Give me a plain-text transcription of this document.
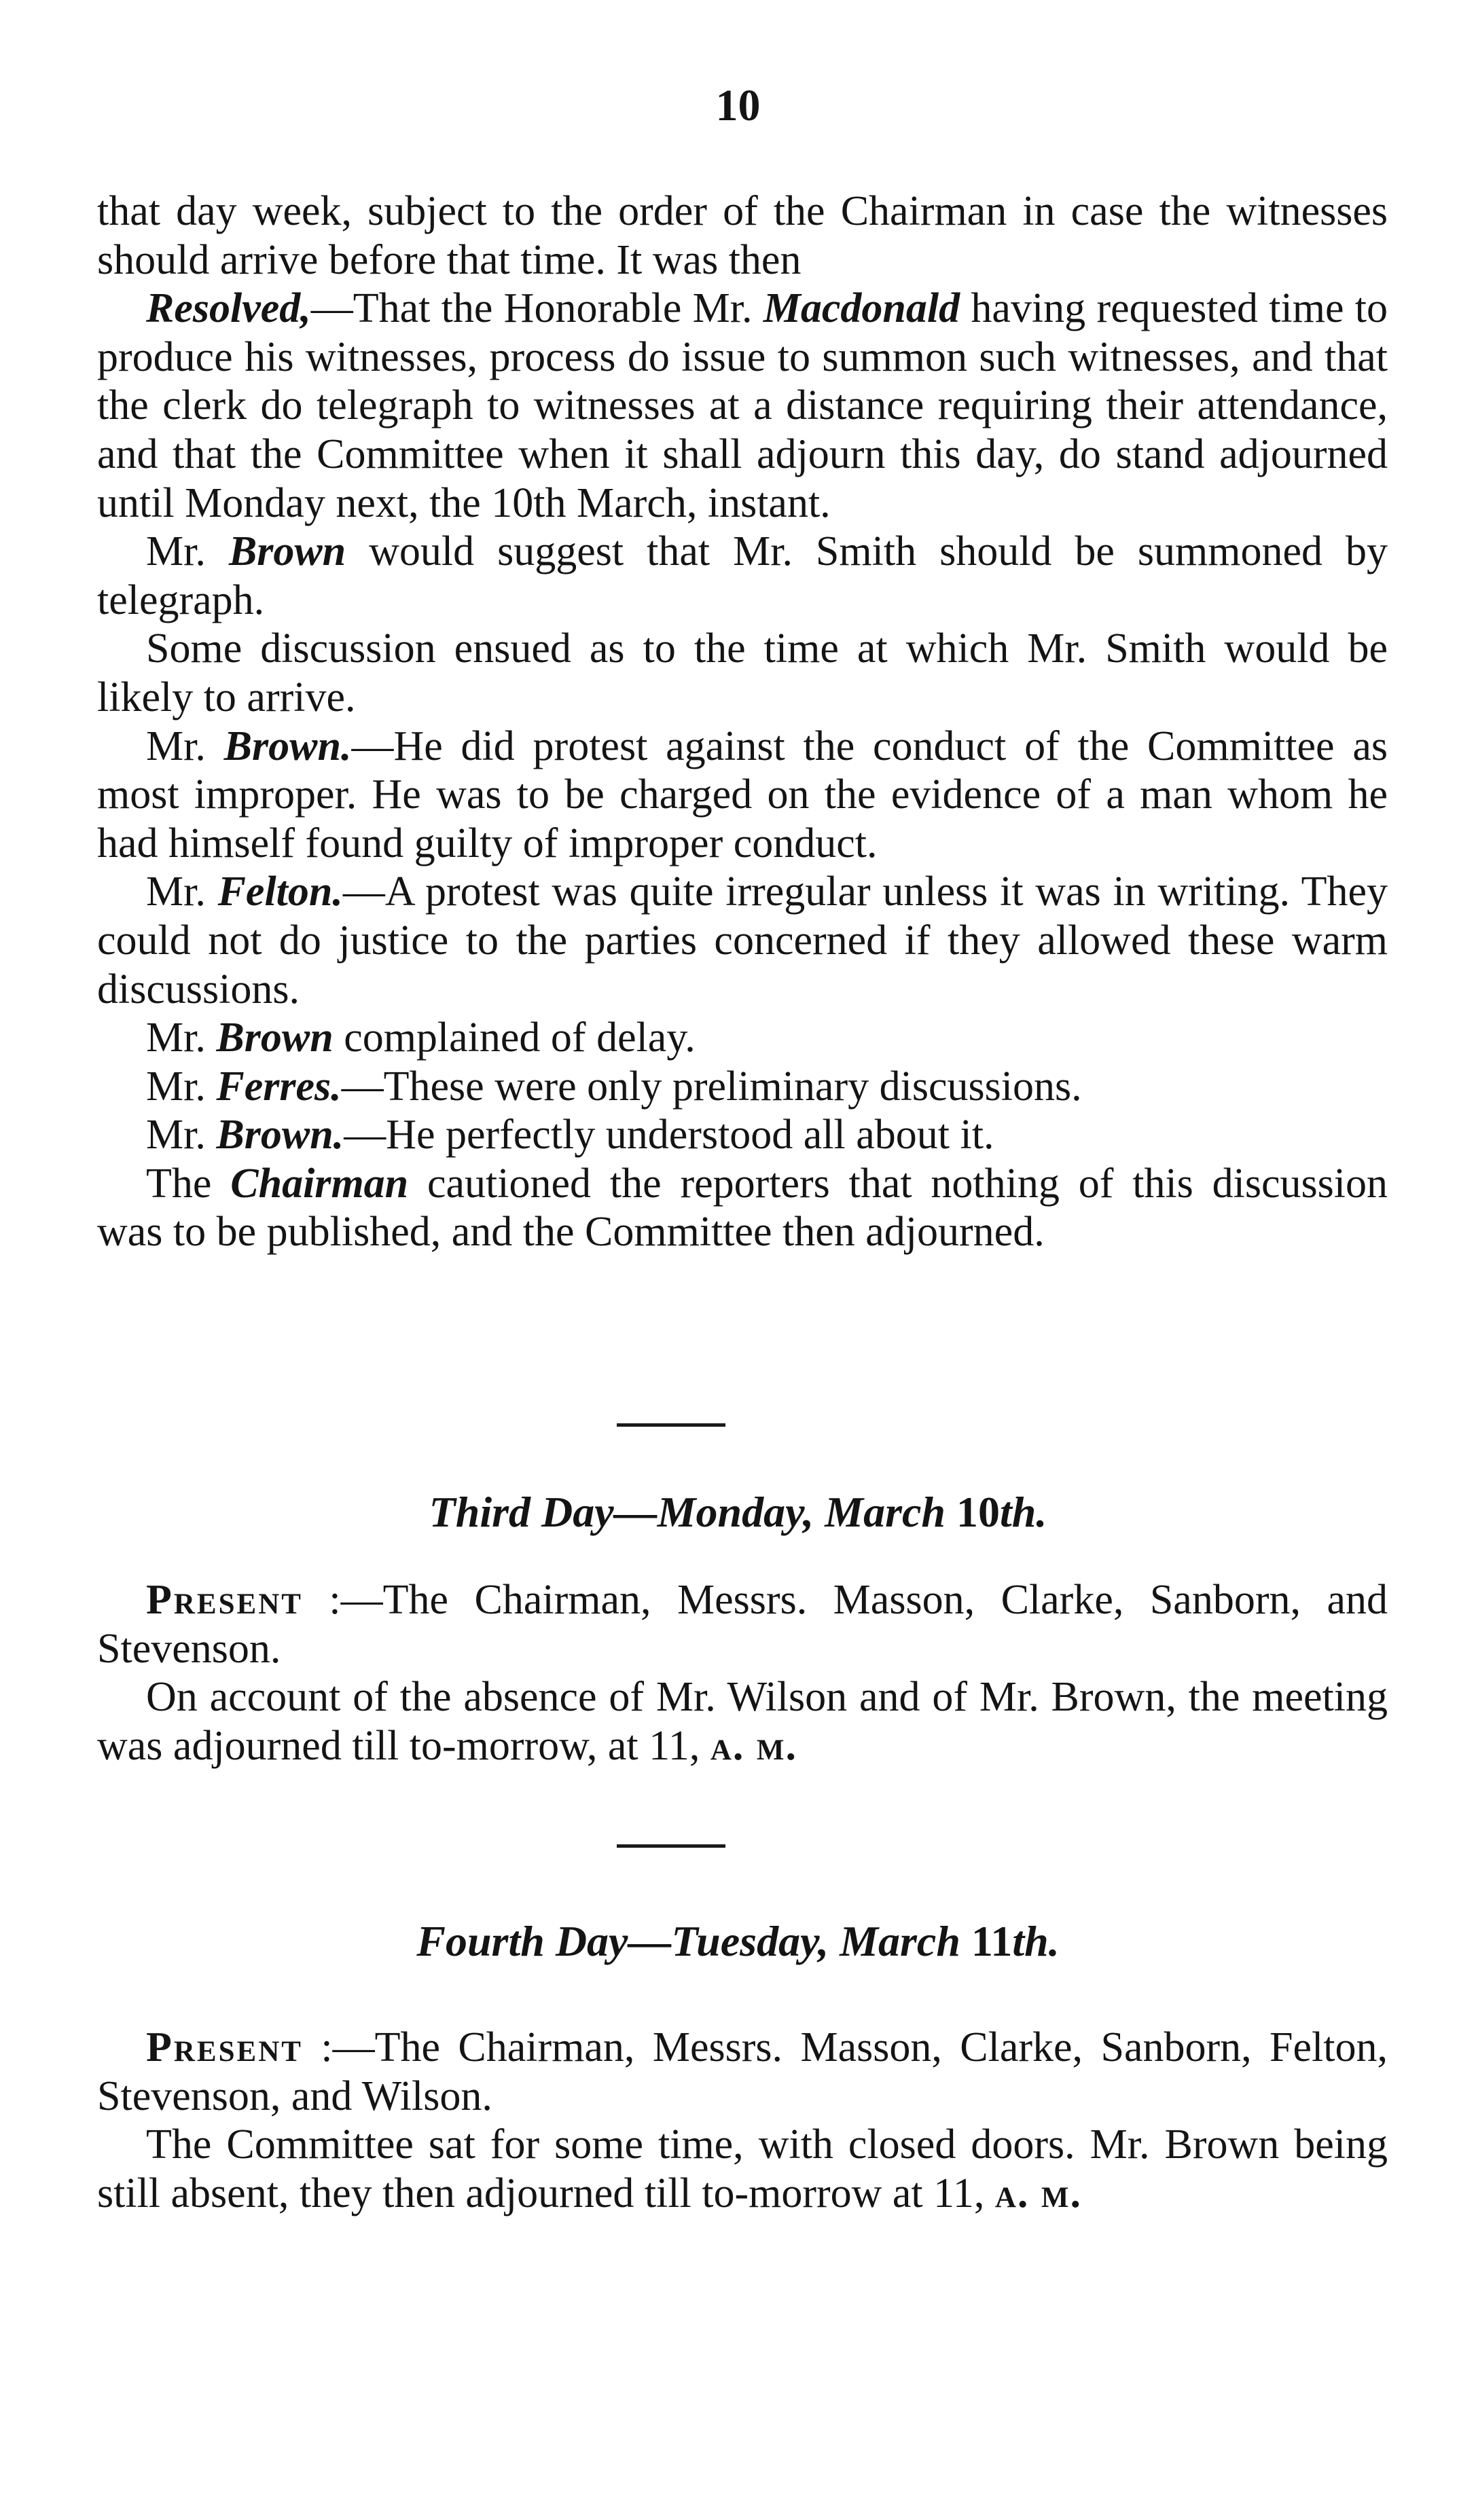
10

that day week, subject to the order of the Chairman in case the witnesses should arrive before that time. It was then

Resolved,—That the Honorable Mr. Macdonald having requested time to produce his witnesses, process do issue to summon such witnesses, and that the clerk do telegraph to witnesses at a distance requiring their attendance, and that the Committee when it shall adjourn this day, do stand adjourned until Monday next, the 10th March, instant.

Mr. Brown would suggest that Mr. Smith should be summoned by telegraph.

Some discussion ensued as to the time at which Mr. Smith would be likely to arrive.

Mr. Brown.—He did protest against the conduct of the Committee as most improper. He was to be charged on the evidence of a man whom he had himself found guilty of improper conduct.

Mr. Felton.—A protest was quite irregular unless it was in writing. They could not do justice to the parties concerned if they allowed these warm discussions.

Mr. Brown complained of delay.

Mr. Ferres.—These were only preliminary discussions.

Mr. Brown.—He perfectly understood all about it.

The Chairman cautioned the reporters that nothing of this discussion was to be published, and the Committee then adjourned.

Third Day—Monday, March 10th.

Present :—The Chairman, Messrs. Masson, Clarke, Sanborn, and Stevenson.

On account of the absence of Mr. Wilson and of Mr. Brown, the meeting was adjourned till to-morrow, at 11, a. m.

Fourth Day—Tuesday, March 11th.

Present :—The Chairman, Messrs. Masson, Clarke, Sanborn, Felton, Stevenson, and Wilson.

The Committee sat for some time, with closed doors. Mr. Brown being still absent, they then adjourned till to-morrow at 11, a. m.
